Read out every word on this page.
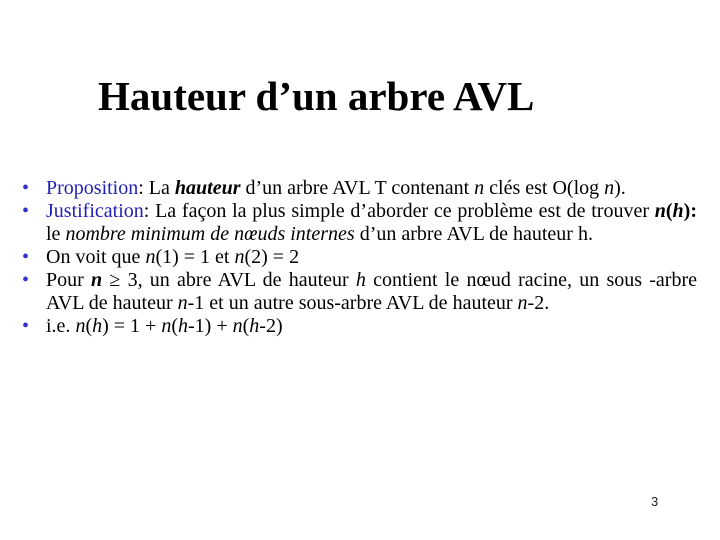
Hauteur d’un arbre AVL
• Proposition: La hauteur d’un arbre AVL T contenant n clés est O(log n).
• Justification: La façon la plus simple d’aborder ce problème est de trouver n(h): le nombre minimum de nœuds internes d’un arbre AVL de hauteur h.
• On voit que n(1) = 1 et n(2) = 2
• Pour n ≥ 3, un abre AVL de hauteur h contient le nœud racine, un sous -arbre AVL de hauteur n-1 et un autre sous-arbre AVL de hauteur n-2.
• i.e. n(h) = 1 + n(h-1) + n(h-2)
3
